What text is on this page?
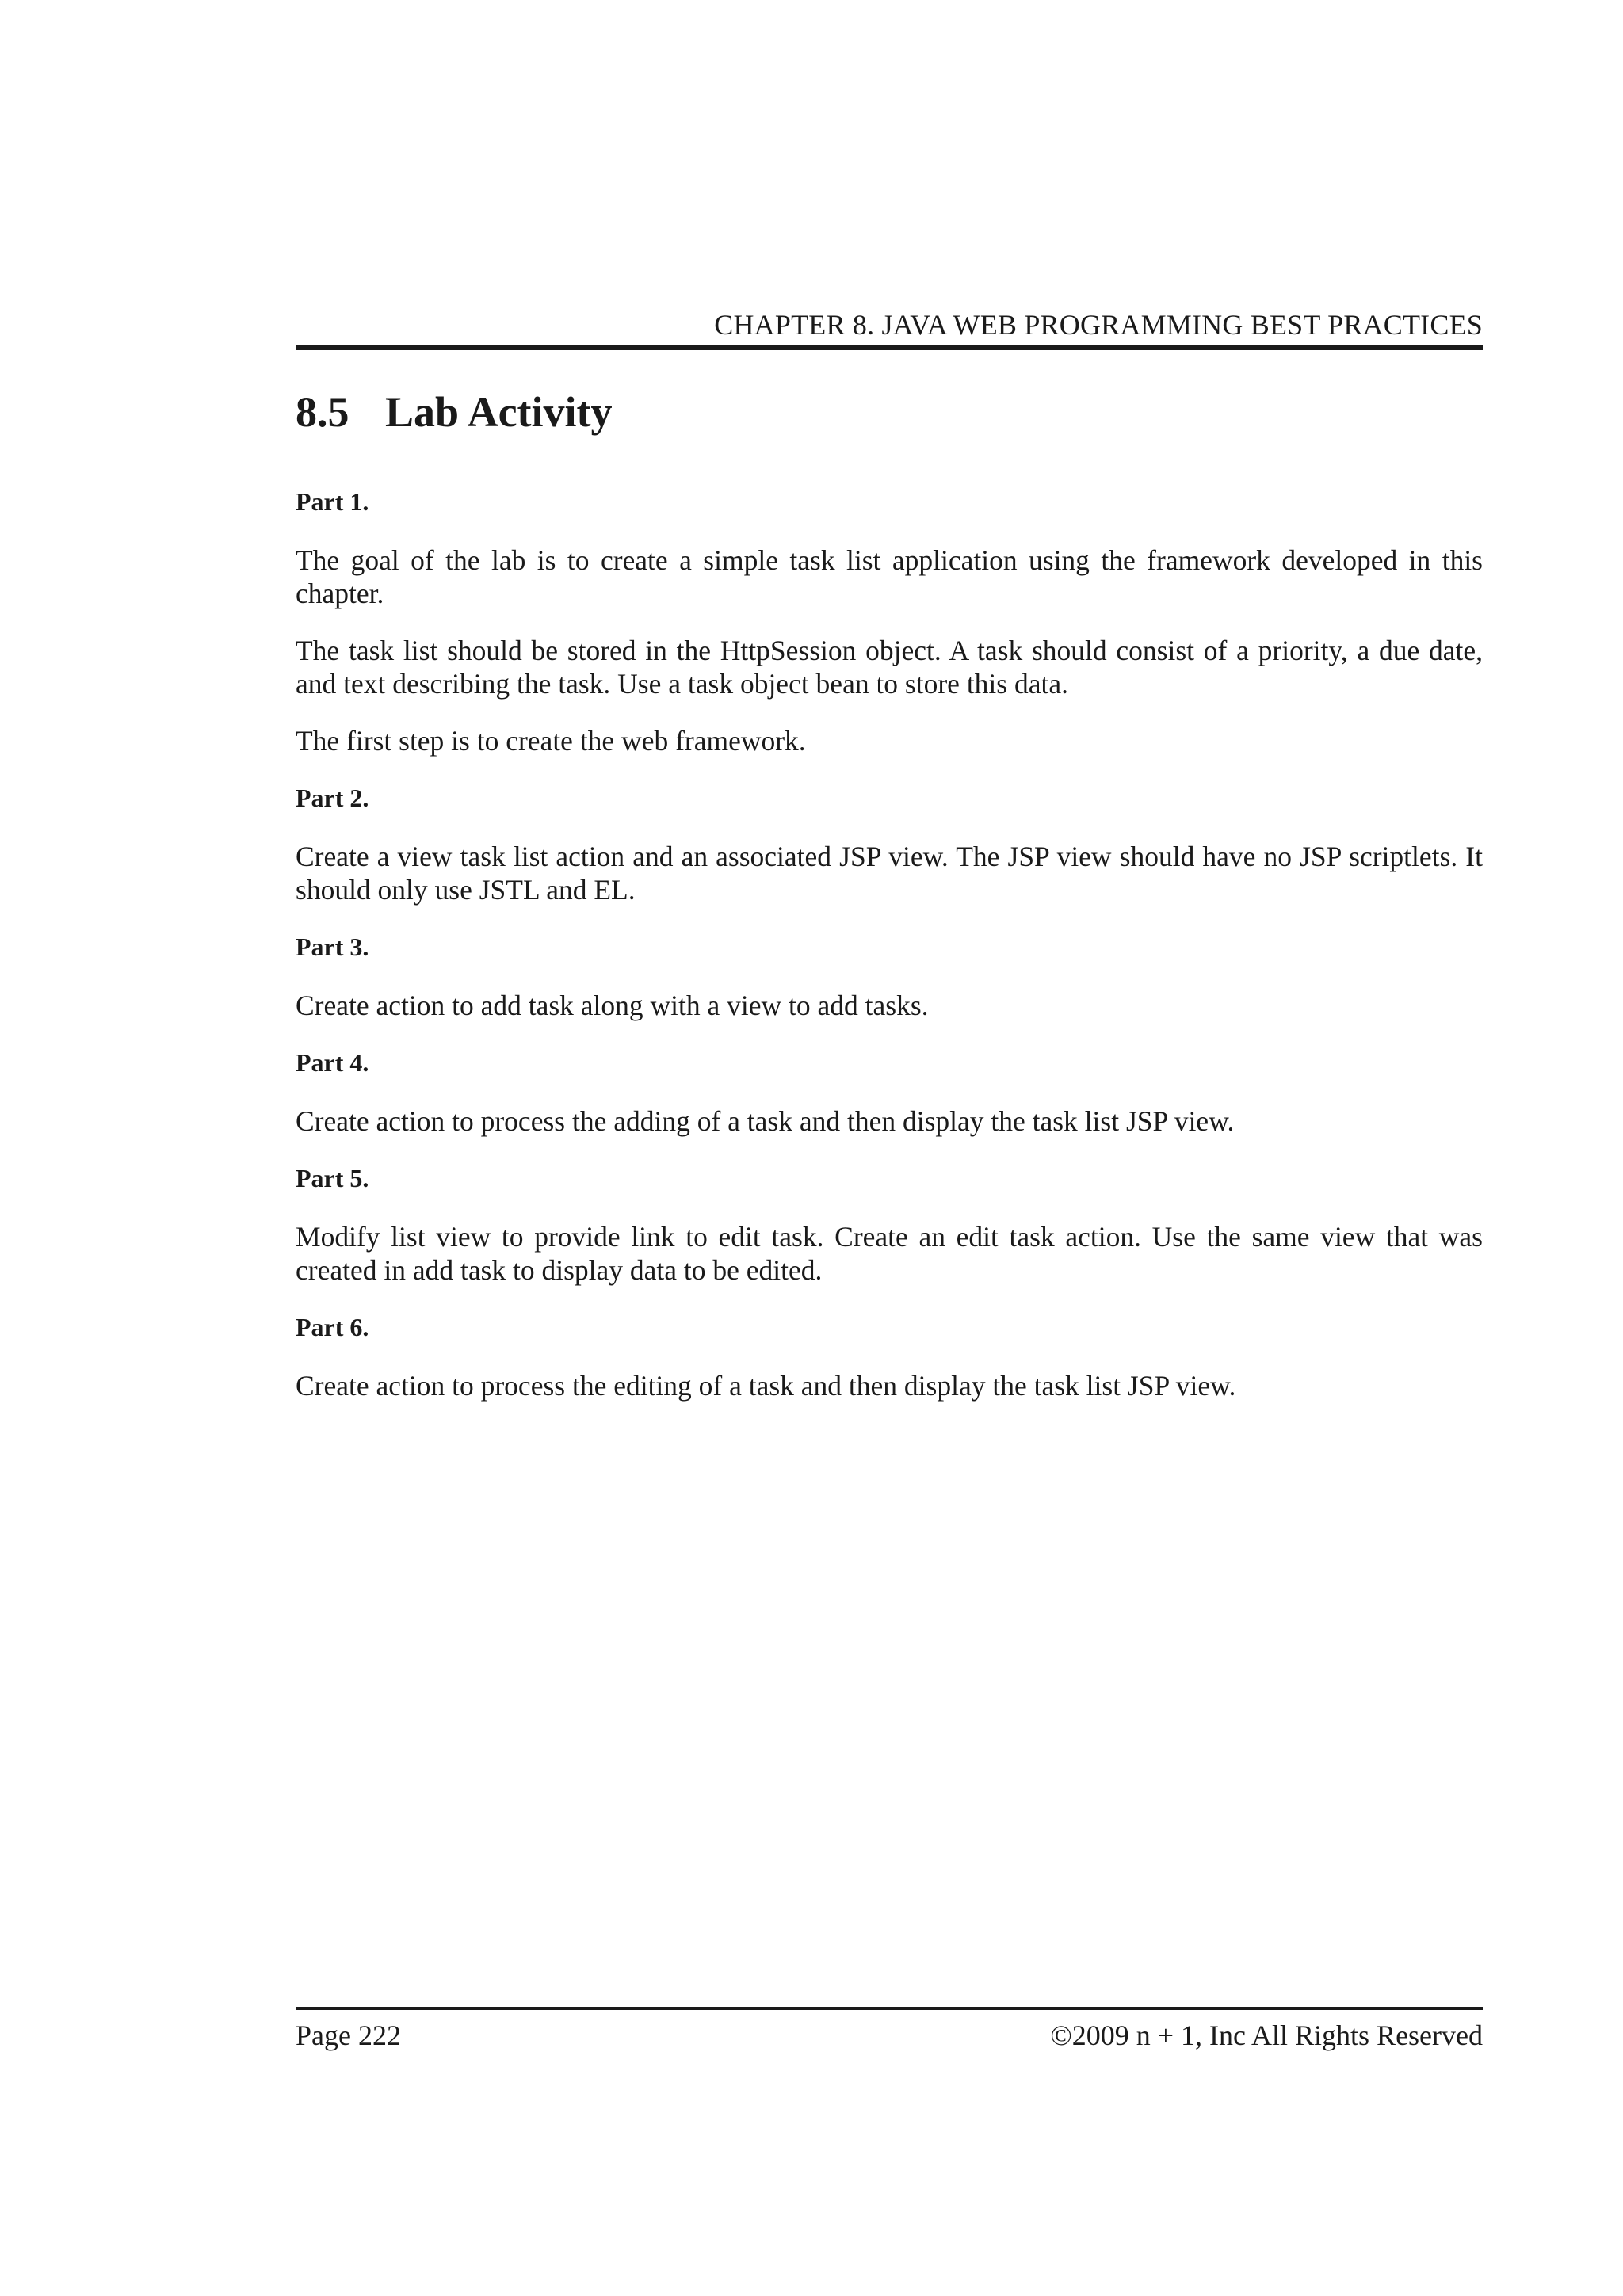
CHAPTER 8. JAVA WEB PROGRAMMING BEST PRACTICES
8.5 Lab Activity

Part 1.

The goal of the lab is to create a simple task list application using the framework developed in this chapter.

The task list should be stored in the HttpSession object. A task should consist of a priority, a due date, and text describing the task. Use a task object bean to store this data.

The first step is to create the web framework.

Part 2.

Create a view task list action and an associated JSP view. The JSP view should have no JSP scriptlets. It should only use JSTL and EL.

Part 3.

Create action to add task along with a view to add tasks.

Part 4.

Create action to process the adding of a task and then display the task list JSP view.

Part 5.

Modify list view to provide link to edit task. Create an edit task action. Use the same view that was created in add task to display data to be edited.

Part 6.

Create action to process the editing of a task and then display the task list JSP view.

Page 222	©2009 n + 1, Inc All Rights Reserved
